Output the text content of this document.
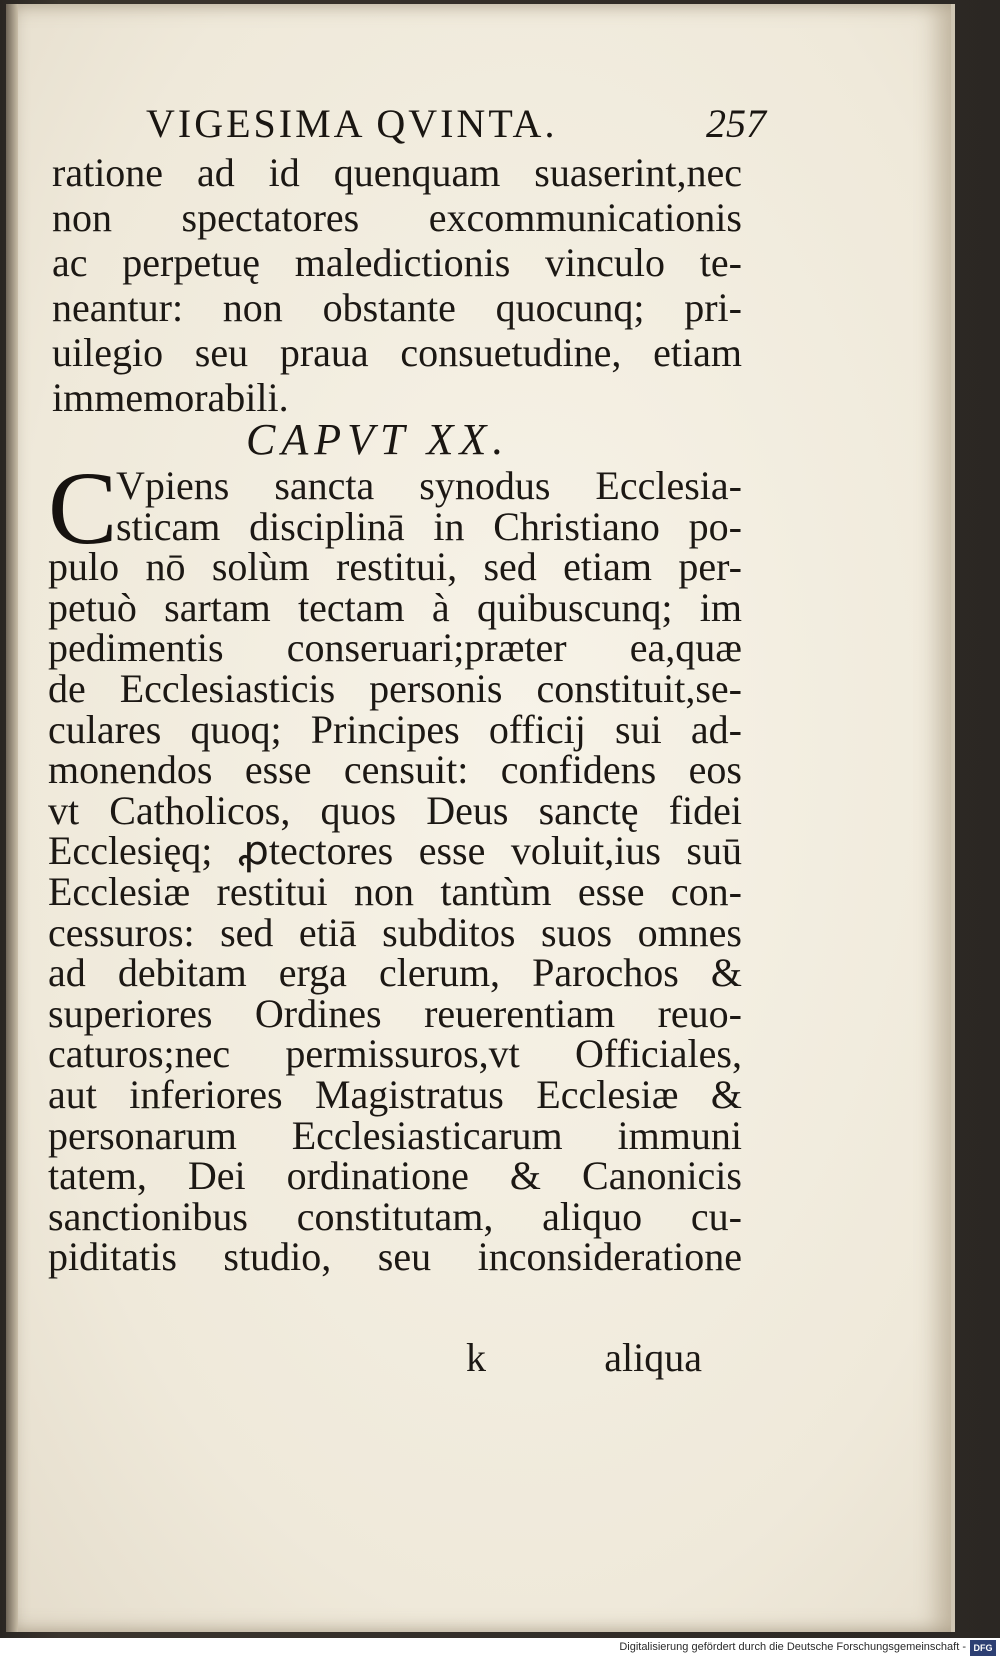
VIGESIMA QVINTA.	257
ratione ad id quenquam suaserint,nec
non spectatores excommunicationis
ac perpetuę maledictionis vinculo te-
neantur: non obstante quocunq; pri-
uilegio seu praua consuetudine, etiam
immemorabili.
CAPVT XX.
C
Vpiens sancta synodus Ecclesia-
sticam disciplinā in Christiano po-
pulo nō solùm restitui, sed etiam per-
petuò sartam tectam à quibuscunq; im
pedimentis conseruari;præter ea,quæ
de Ecclesiasticis personis constituit,se-
culares quoq; Principes officij sui ad-
monendos esse censuit: confidens eos
vt Catholicos, quos Deus sanctę fidei
Ecclesięq; ꝓtectores esse voluit,ius suū
Ecclesiæ restitui non tantùm esse con-
cessuros: sed etiā subditos suos omnes
ad debitam erga clerum, Parochos &
superiores Ordines reuerentiam reuo-
caturos;nec permissuros,vt Officiales,
aut inferiores Magistratus Ecclesiæ &
personarum Ecclesiasticarum immuni
tatem, Dei ordinatione & Canonicis
sanctionibus constitutam, aliquo cu-
piditatis studio, seu inconsideratione
k	aliqua
Digitalisierung gefördert durch die Deutsche Forschungsgemeinschaft - DFG
